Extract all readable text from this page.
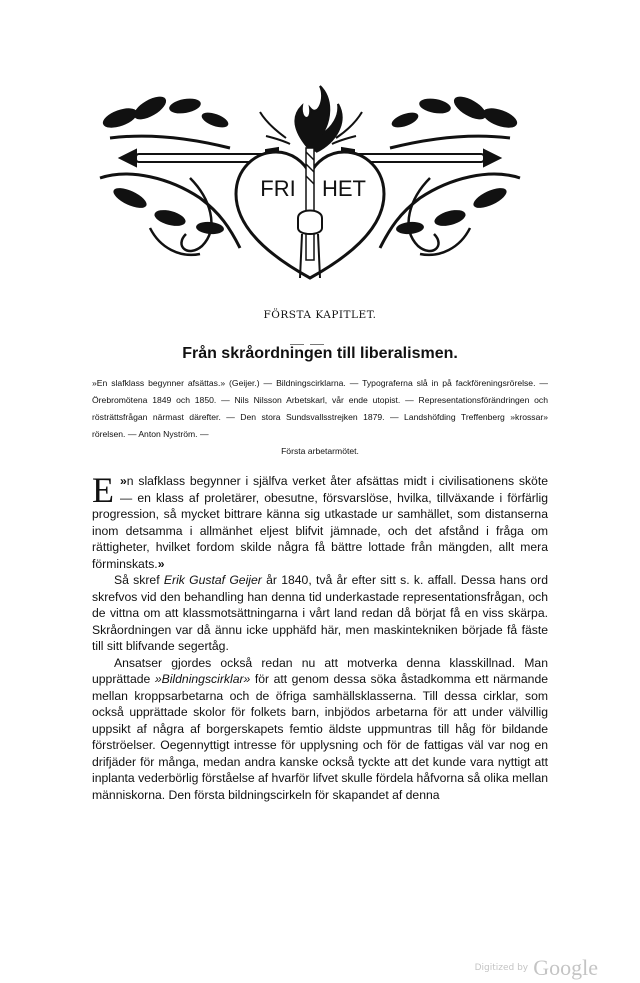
FRI HET
FÖRSTA KAPITLET.
Från skråordningen till liberalismen.
»En slafklass begynner afsättas.» (Geijer.) — Bildningscirklarna. — Typograferna slå in på fackföreningsrörelse. — Örebromötena 1849 och 1850. — Nils Nilsson Arbetskarl, vår ende utopist. — Representationsförändringen och rösträttsfrågan närmast därefter. — Den stora Sundsvallsstrejken 1879. — Landshöfding Treffenberg »krossar» rörelsen. — Anton Nyström. —
Första arbetarmötet.

»
E n slafklass begynner i själfva verket åter afsättas midt i civilisationens sköte — en klass af proletärer, obesutne, försvarslöse, hvilka, tillväxande i förfärlig progression, så mycket bittrare känna sig utkastade ur samhället, som distanserna inom detsamma i allmänhet eljest blifvit jämnade, och det afstånd i fråga om rättigheter, hvilket fordom skilde några få bättre lottade från mängden, allt mera förminskats.»

Så skref Erik Gustaf Geijer år 1840, två år efter sitt s. k. affall. Dessa hans ord skrefvos vid den behandling han denna tid underkastade representationsfrågan, och de vittna om att klassmotsättningarna i vårt land redan då börjat få en viss skärpa. Skråordningen var då ännu icke upphäfd här, men maskintekniken började få fäste till sitt blifvande segertåg.

Ansatser gjordes också redan nu att motverka denna klasskillnad. Man upprättade »Bildningscirklar» för att genom dessa söka åstadkomma ett närmande mellan kroppsarbetarna och de öfriga samhällsklasserna. Till dessa cirklar, som också upprättade skolor för folkets barn, inbjödos arbetarna för att under välvillig uppsikt af några af borgerskapets femtio äldste uppmuntras till håg för bildande förströelser. Oegennyttigt intresse för upplysning och för de fattigas väl var nog en drifjäder för många, medan andra kanske också tyckte att det kunde vara nyttigt att inplanta vederbörlig förståelse af hvarför lifvet skulle fördela håfvorna så olika mellan människorna. Den första bildningscirkeln för skapandet af denna

Digitized by Google
